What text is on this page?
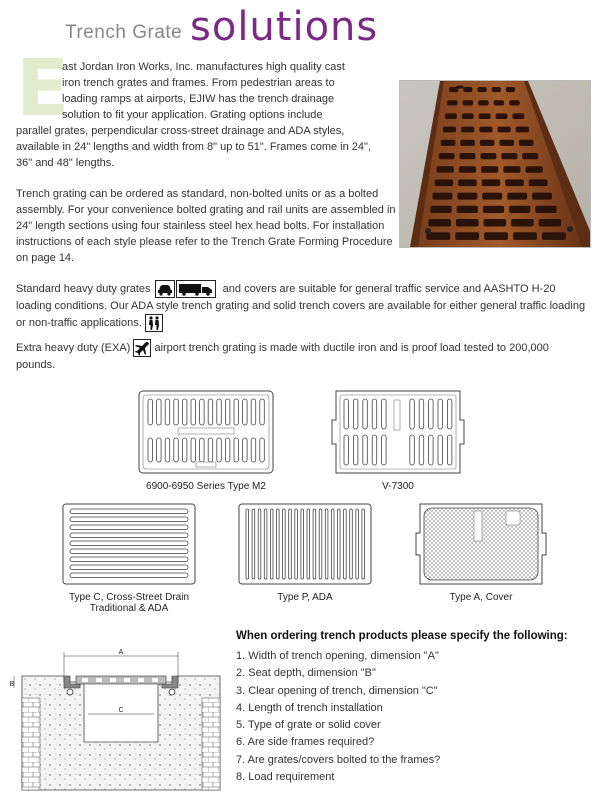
Trench Grate solutions
E
ast Jordan Iron Works, Inc. manufactures high quality cast
iron trench grates and frames. From pedestrian areas to
loading ramps at airports, EJIW has the trench drainage
solution to fit your application. Grating options include
parallel grates, perpendicular cross-street drainage and ADA styles, available in 24" lengths and width from 8" up to 51". Frames come in 24", 36" and 48" lengths.
Trench grating can be ordered as standard, non-bolted units or as a bolted assembly. For your convenience bolted grating and rail units are assembled in 24" length sections using four stainless steel hex head bolts. For installation instructions of each style please refer to the Trench Grate Forming Procedure on page 14.
Standard heavy duty grates	and covers are suitable for general traffic service and AASHTO H-20 loading conditions. Our ADA style trench grating and solid trench covers are available for either general traffic loading or non-traffic applications.
Extra heavy duty (EXA) airport trench grating is made with ductile iron and is proof load tested to 200,000 pounds.
6900-6950 Series Type M2	V-7300
Type C, Cross-Street Drain
Traditional & ADA
Type P, ADA	Type A, Cover
A
B
C
When ordering trench products please specify the following:
1. Width of trench opening, dimension "A"
2. Seat depth, dimension "B"
3. Clear opening of trench, dimension "C"
4. Length of trench installation
5. Type of grate or solid cover
6. Are side frames required?
7. Are grates/covers bolted to the frames?
8. Load requirement
